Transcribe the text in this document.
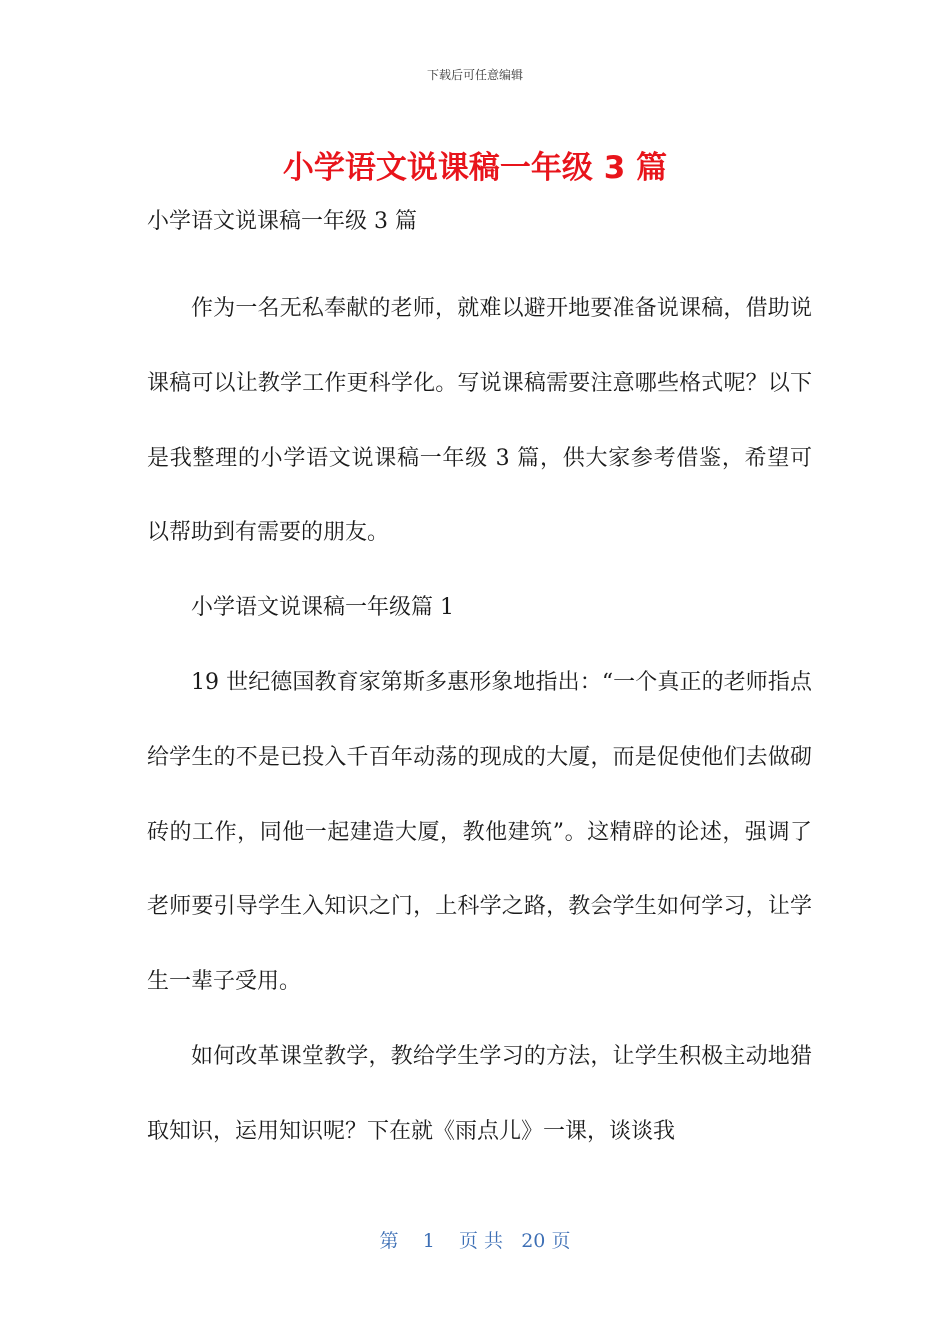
下载后可任意编辑
小学语文说课稿一年级 3 篇
小学语文说课稿一年级 3 篇

作为一名无私奉献的老师，就难以避开地要准备说课稿，借助说课稿可以让教学工作更科学化。写说课稿需要注意哪些格式呢？以下是我整理的小学语文说课稿一年级 3 篇，供大家参考借鉴，希望可以帮助到有需要的朋友。

小学语文说课稿一年级篇 1

19 世纪德国教育家第斯多惠形象地指出：“一个真正的老师指点给学生的不是已投入千百年动荡的现成的大厦，而是促使他们去做砌砖的工作，同他一起建造大厦，教他建筑”。这精辟的论述，强调了老师要引导学生入知识之门，上科学之路，教会学生如何学习，让学生一辈子受用。

如何改革课堂教学，教给学生学习的方法，让学生积极主动地猎取知识，运用知识呢？下在就《雨点儿》一课，谈谈我

第 1 页 共 20 页
